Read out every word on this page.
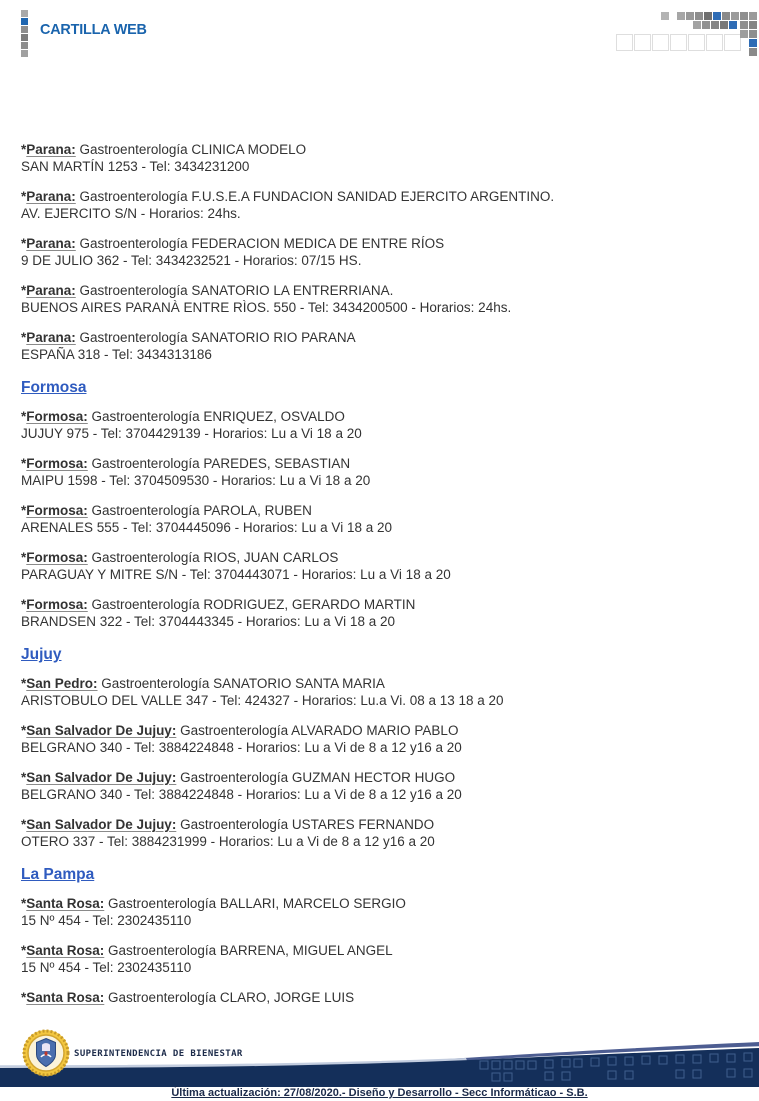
CARTILLA WEB

*Parana: Gastroenterología CLINICA MODELO
SAN MARTÍN 1253 - Tel: 3434231200

*Parana: Gastroenterología F.U.S.E.A FUNDACION SANIDAD EJERCITO ARGENTINO.
AV. EJERCITO S/N - Horarios: 24hs.

*Parana: Gastroenterología FEDERACION MEDICA DE ENTRE RÍOS
9 DE JULIO 362 - Tel: 3434232521 - Horarios: 07/15 HS.

*Parana: Gastroenterología SANATORIO LA ENTRERRIANA.
BUENOS AIRES PARANÀ ENTRE RÌOS. 550 - Tel: 3434200500 - Horarios: 24hs.

*Parana: Gastroenterología SANATORIO RIO PARANA
ESPAÑA 318 - Tel: 3434313186

Formosa

*Formosa: Gastroenterología ENRIQUEZ, OSVALDO
JUJUY 975 - Tel: 3704429139 - Horarios: Lu a Vi 18 a 20

*Formosa: Gastroenterología PAREDES, SEBASTIAN
MAIPU 1598 - Tel: 3704509530 - Horarios: Lu a Vi 18 a 20

*Formosa: Gastroenterología PAROLA, RUBEN
ARENALES 555 - Tel: 3704445096 - Horarios: Lu a Vi 18 a 20

*Formosa: Gastroenterología RIOS, JUAN CARLOS
PARAGUAY Y MITRE S/N - Tel: 3704443071 - Horarios: Lu a Vi 18 a 20

*Formosa: Gastroenterología RODRIGUEZ, GERARDO MARTIN
BRANDSEN 322 - Tel: 3704443345 - Horarios: Lu a Vi 18 a 20

Jujuy

*San Pedro: Gastroenterología SANATORIO SANTA MARIA
ARISTOBULO DEL VALLE 347 - Tel: 424327 - Horarios: Lu.a Vi. 08 a 13 18 a 20

*San Salvador De Jujuy: Gastroenterología ALVARADO MARIO PABLO
BELGRANO 340 - Tel: 3884224848 - Horarios: Lu a Vi de 8 a 12 y16 a 20

*San Salvador De Jujuy: Gastroenterología GUZMAN HECTOR HUGO
BELGRANO 340 - Tel: 3884224848 - Horarios: Lu a Vi de 8 a 12 y16 a 20

*San Salvador De Jujuy: Gastroenterología USTARES FERNANDO
OTERO 337 - Tel: 3884231999 - Horarios: Lu a Vi de 8 a 12 y16 a 20

La Pampa

*Santa Rosa: Gastroenterología BALLARI, MARCELO SERGIO
15 Nº 454 - Tel: 2302435110

*Santa Rosa: Gastroenterología BARRENA, MIGUEL ANGEL
15 Nº 454 - Tel: 2302435110

*Santa Rosa: Gastroenterología CLARO, JORGE LUIS

SUPERINTENDENCIA DE BIENESTAR
Última actualización: 27/08/2020.- Diseño y Desarrollo - Secc Informáticao - S.B.
